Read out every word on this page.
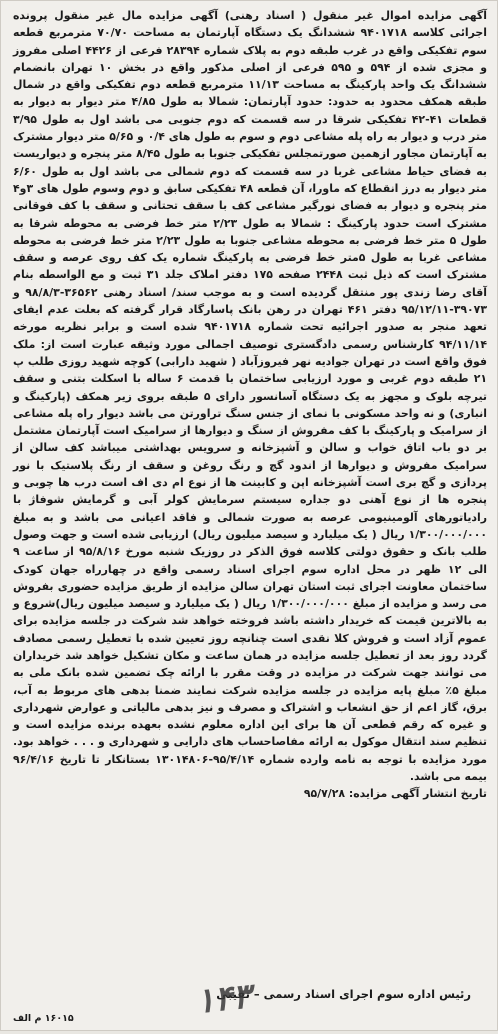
آگهی مزایده اموال غیر منقول ( اسناد رهنی) آگهی مزایده مال غیر منقول پرونده اجرائی کلاسه ۹۴۰۱۷۱۸ ششدانگ یک دستگاه آپارتمان به مساحت ۷۰/۷۰ مترمربع قطعه سوم تفکیکی واقع در غرب طبقه دوم به پلاک شماره ۲۸۳۹۴ فرعی از ۴۴۲۶ اصلی مفروز و مجزی شده از ۵۹۴ و ۵۹۵ فرعی از اصلی مذکور واقع در بخش ۱۰ تهران بانضمام ششدانگ یک واحد پارکینگ به مساحت ۱۱/۱۳ مترمربع قطعه دوم تفکیکی واقع در شمال طبقه همکف محدود به حدود: حدود آپارتمان: شمالا به طول ۴/۸۵ متر دیوار به دیوار به قطعات ۴۱-۴۲ تفکیکی شرقا در سه قسمت که دوم جنوبی می باشد اول به طول ۳/۹۵ متر درب و دیوار به راه پله مشاعی دوم و سوم به طول های ۰/۴ و ۵/۶۵ متر دیوار مشترک به آپارتمان مجاور ازهمین صورتمجلس تفکیکی جنوبا به طول ۸/۴۵ متر پنجره و دیواریست به فضای حیاط مشاعی غربا در سه قسمت که دوم شمالی می باشد اول به طول ۶/۶۰ متر دیوار به درز انقطاع که ماورا، آن قطعه ۴۸ تفکیکی سابق و دوم وسوم طول های ۳و۴ متر پنجره و دیوار به فضای نورگیر مشاعی کف با سقف تحتانی و سقف با کف فوقانی مشترک است حدود پارکینگ : شمالا به طول ۲/۲۳ متر خط فرضی به محوطه شرقا به طول ۵ متر خط فرضی به محوطه مشاعی جنوبا به طول ۲/۲۳ متر خط فرضی به محوطه مشاعی غربا به طول ۵متر خط فرضی به پارکینگ شماره یک کف روی عرصه و سقف مشترک است که ذیل ثبت ۲۴۴۸ صفحه ۱۷۵ دفتر املاک جلد ۳۱ ثبت و مع الواسطه بنام آقای رضا زندی پور منتقل گردیده است و به موجب سند/ اسناد رهنی ۳۶۵۶۲-۹۸/۸/۳ و ۳۹۰۷۳-۹۵/۱۲/۱۱ دفتر ۴۶۱ تهران در رهن بانک پاسارگاد قرار گرفته که بعلت عدم ایفای تعهد منجر به صدور اجرائیه تحت شماره ۹۴۰۱۷۱۸ شده است و برابر نظریه مورخه ۹۴/۱۱/۱۴ کارشناس رسمی دادگستری توصیف اجمالی مورد وثیقه عبارت است از: ملک فوق واقع است در تهران جوادیه نهر فیروزآباد ( شهید دارابی) کوچه شهید روزی طلب پ ۲۱ طبقه دوم غربی و مورد ارزیابی ساختمان با قدمت ۶ ساله با اسکلت بتنی و سقف تیرچه بلوک و مجهز به یک دستگاه آسانسور دارای ۵ طبقه بروی زیر همکف (پارکینگ و انباری) و نه واحد مسکونی با نمای از جنس سنگ تراورتن می باشد دیوار راه پله مشاعی از سرامیک و پارکینگ با کف مفروش از سنگ و دیوارها از سرامیک است آپارتمان مشتمل بر دو باب اتاق خواب و سالن و آشپزخانه و سرویس بهداشتی میباشد کف سالن از سرامیک مفروش و دیوارها از اندود گچ و رنگ روغن و سقف از رنگ پلاستیک با نور پردازی و گچ بری است آشپزخانه اپن و کابینت ها از نوع ام دی اف است درب ها چوبی و پنجره ها از نوع آهنی دو جداره سیستم سرمایش کولر آبی و گرمایش شوفاژ با رادیاتورهای آلومینیومی عرصه به صورت شمالی و فاقد اعیانی می باشد و به مبلغ ۱/۳۰۰/۰۰۰/۰۰۰ ریال ( یک میلیارد و سیصد میلیون ریال) ارزیابی شده است و جهت وصول طلب بانک و حقوق دولتی کلاسه فوق الذکر در روزیک شنبه مورخ ۹۵/۸/۱۶ از ساعت ۹ الی ۱۲ ظهر در محل اداره سوم اجرای اسناد رسمی واقع در چهارراه جهان کودک ساختمان معاونت اجرای ثبت استان تهران سالن مزایده از طریق مزایده حضوری بفروش می رسد و مزایده از مبلغ ۱/۳۰۰/۰۰۰/۰۰۰ ریال ( یک میلیارد و سیصد میلیون ریال)شروع و به بالاترین قیمت که خریدار داشته باشد فروخته خواهد شد شرکت در جلسه مزایده برای عموم آزاد است و فروش کلا نقدی است چنانچه روز تعیین شده با تعطیل رسمی مصادف گردد روز بعد از تعطیل جلسه مزایده در همان ساعت و مکان تشکیل خواهد شد خریداران می توانند جهت شرکت در مزایده در وقت مقرر با ارائه چک تضمین شده بانک ملی به مبلغ ۵٪ مبلغ پایه مزایده در جلسه مزایده شرکت نمایند ضمنا بدهی های مربوط به آب، برق، گاز اعم از حق انشعاب و اشتراک و مصرف و نیز بدهی مالیاتی و عوارض شهرداری و غیره که رقم قطعی آن ها برای این اداره معلوم نشده بعهده برنده مزایده است و تنظیم سند انتقال موکول به ارائه مفاصاحساب های دارایی و شهرداری و . . . خواهد بود. مورد مزایده با توجه به نامه وارده شماره ۹۵/۴/۱۴-۱۳۰۱۴۸۰۶ بستانکار تا تاریخ ۹۶/۴/۱۶ بیمه می باشد.

تاریخ انتشار آگهی مزایده: ۹۵/۷/۲۸

رئیس اداره سوم اجرای اسناد رسمی – نقیبی
۱۴۳
۱۶۰۱۵ م الف
